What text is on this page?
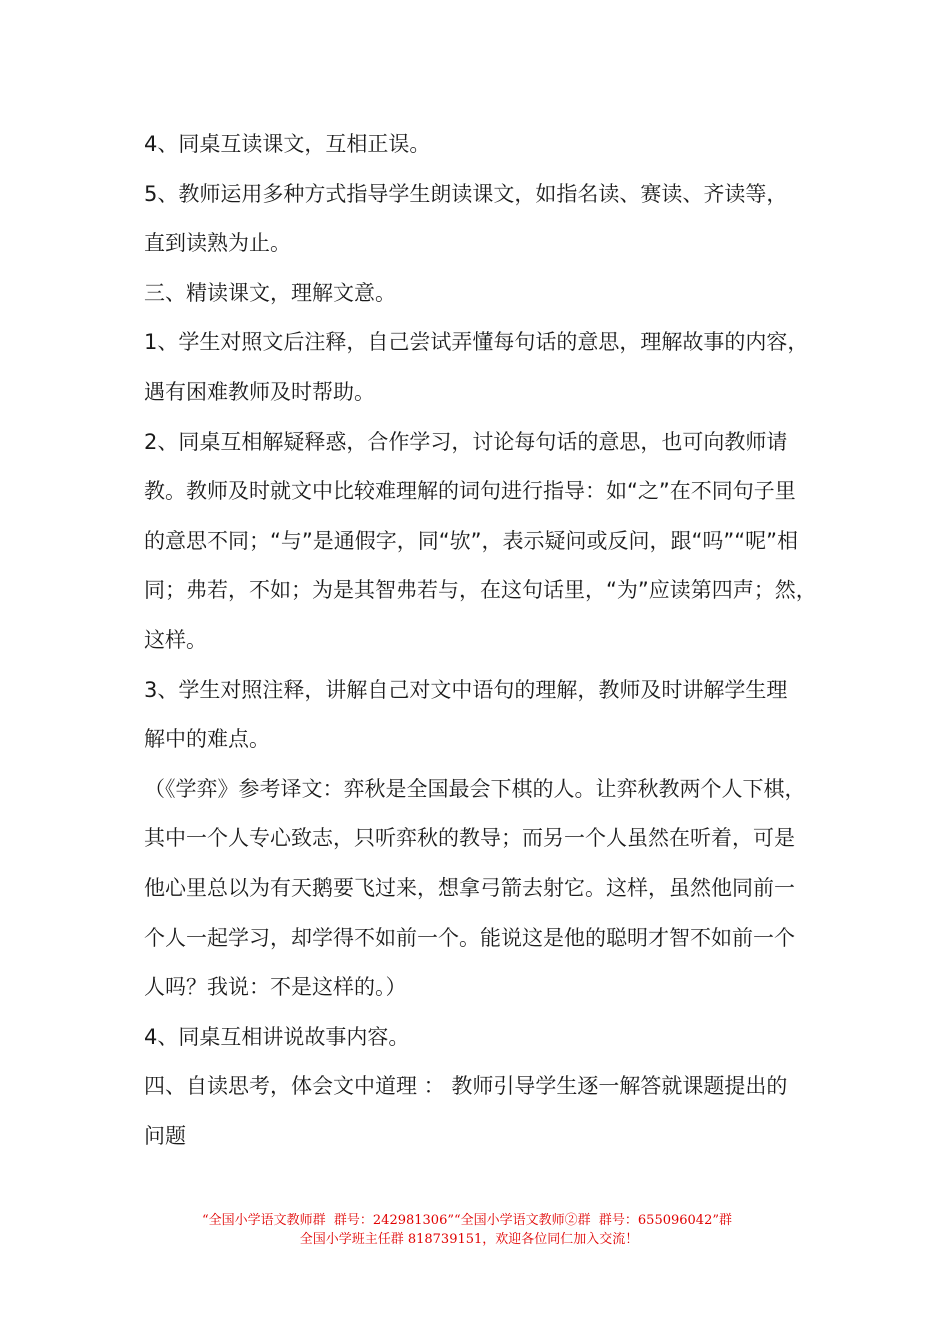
4、同桌互读课文，互相正误。

5、教师运用多种方式指导学生朗读课文，如指名读、赛读、齐读等，

直到读熟为止。

三、精读课文，理解文意。

1、学生对照文后注释，自己尝试弄懂每句话的意思，理解故事的内容，

遇有困难教师及时帮助。

2、同桌互相解疑释惑，合作学习，讨论每句话的意思，也可向教师请

教。教师及时就文中比较难理解的词句进行指导：如“之”在不同句子里

的意思不同；“与”是通假字，同“欤”，表示疑问或反问，跟“吗”“呢”相

同；弗若，不如；为是其智弗若与，在这句话里，“为”应读第四声；然，

这样。

3、学生对照注释，讲解自己对文中语句的理解，教师及时讲解学生理

解中的难点。

（《学弈》参考译文：弈秋是全国最会下棋的人。让弈秋教两个人下棋，

其中一个人专心致志，只听弈秋的教导；而另一个人虽然在听着，可是

他心里总以为有天鹅要飞过来，想拿弓箭去射它。这样，虽然他同前一

个人一起学习，却学得不如前一个。能说这是他的聪明才智不如前一个

人吗？我说：不是这样的。）

4、同桌互相讲说故事内容。

四、自读思考，体会文中道理 ： 教师引导学生逐一解答就课题提出的

问题

“全国小学语文教师群  群号：242981306”“全国小学语文教师②群  群号：655096042”群
全国小学班主任群 818739151，欢迎各位同仁加入交流！
